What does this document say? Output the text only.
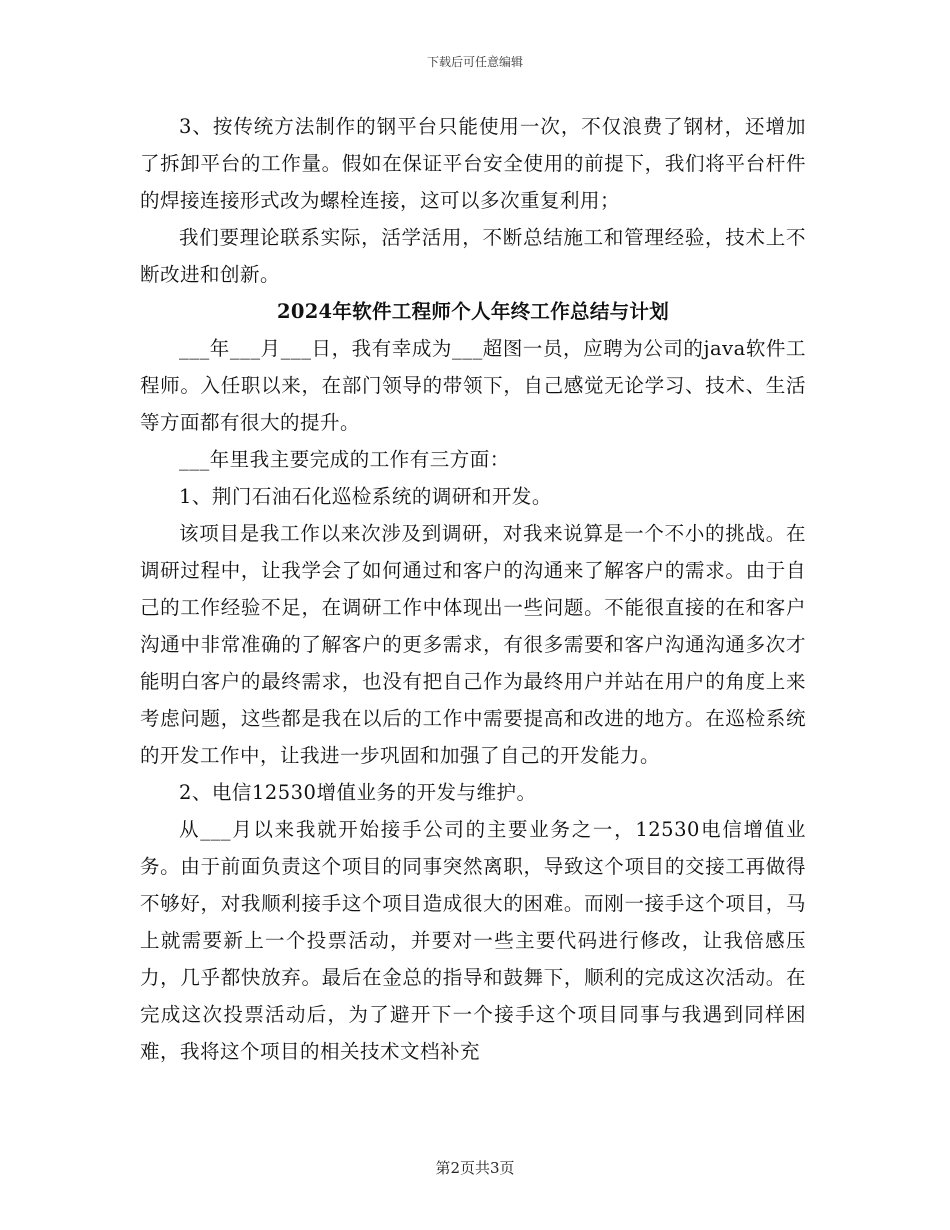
下载后可任意编辑

3、按传统方法制作的钢平台只能使用一次，不仅浪费了钢材，还增加了拆卸平台的工作量。假如在保证平台安全使用的前提下，我们将平台杆件的焊接连接形式改为螺栓连接，这可以多次重复利用；

我们要理论联系实际，活学活用，不断总结施工和管理经验，技术上不断改进和创新。

2024年软件工程师个人年终工作总结与计划

___年___月___日，我有幸成为___超图一员，应聘为公司的java软件工程师。入任职以来，在部门领导的带领下，自己感觉无论学习、技术、生活等方面都有很大的提升。

___年里我主要完成的工作有三方面：

1、荆门石油石化巡检系统的调研和开发。

该项目是我工作以来次涉及到调研，对我来说算是一个不小的挑战。在调研过程中，让我学会了如何通过和客户的沟通来了解客户的需求。由于自己的工作经验不足，在调研工作中体现出一些问题。不能很直接的在和客户沟通中非常准确的了解客户的更多需求，有很多需要和客户沟通沟通多次才能明白客户的最终需求，也没有把自己作为最终用户并站在用户的角度上来考虑问题，这些都是我在以后的工作中需要提高和改进的地方。在巡检系统的开发工作中，让我进一步巩固和加强了自己的开发能力。

2、电信12530增值业务的开发与维护。

从___月以来我就开始接手公司的主要业务之一，12530电信增值业务。由于前面负责这个项目的同事突然离职，导致这个项目的交接工再做得不够好，对我顺利接手这个项目造成很大的困难。而刚一接手这个项目，马上就需要新上一个投票活动，并要对一些主要代码进行修改，让我倍感压力，几乎都快放弃。最后在金总的指导和鼓舞下，顺利的完成这次活动。在完成这次投票活动后，为了避开下一个接手这个项目同事与我遇到同样困难，我将这个项目的相关技术文档补充

第2页共3页
